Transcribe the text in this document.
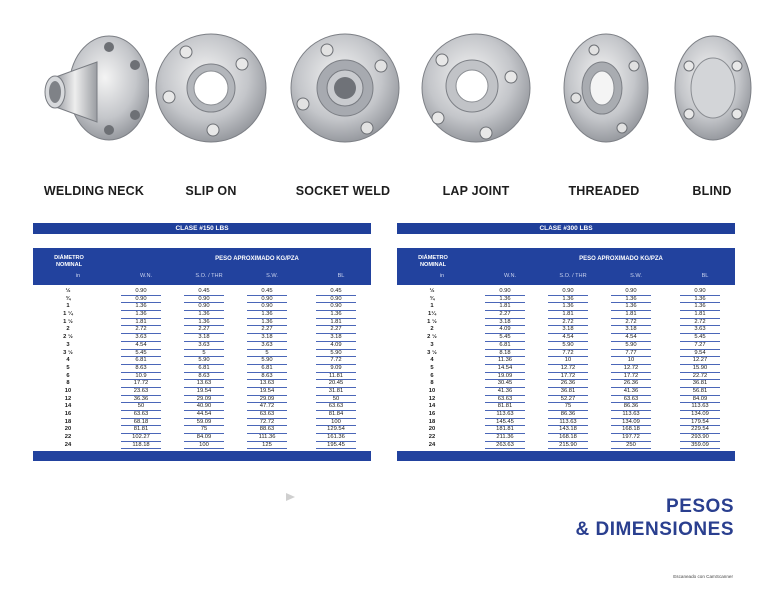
WELDING NECK	SLIP ON	SOCKET WELD	LAP JOINT	THREADED	BLIND
CLASE #150 LBS
DIÁMETRO
NOMINAL
PESO APROXIMADO KG/PZA
in	W.N.	S.O. / THR	S.W.	BL
½	0.90	0.45	0.45	0.45
¾	0.90	0.90	0.90	0.90
1	1.36	0.90	0.90	0.90
1 ¼	1.36	1.36	1.36	1.36
1 ½	1.81	1.36	1.36	1.81
2	2.72	2.27	2.27	2.27
2 ½	3.63	3.18	3.18	3.18
3	4.54	3.63	3.63	4.09
3 ½	5.45	5	5	5.90
4	6.81	5.90	5.90	7.72
5	8.63	6.81	6.81	9.09
6	10.9	8.63	8.63	11.81
8	17.72	13.63	13.63	20.45
10	23.63	19.54	19.54	31.81
12	36.36	29.09	29.09	50
14	50	40.90	47.72	63.63
16	63.63	44.54	63.63	81.84
18	68.18	59.09	72.72	100
20	81.81	75	88.63	129.54
22	102.27	84.09	111.36	161.36
24	118.18	100	125	195.45
CLASE #300 LBS
DIÁMETRO
NOMINAL
PESO APROXIMADO KG/PZA
in	W.N.	S.O. / THR	S.W.	BL
½	0.90	0.90	0.90	0.90
¾	1.36	1.36	1.36	1.36
1	1.81	1.36	1.36	1.36
1¼	2.27	1.81	1.81	1.81
1 ½	3.18	2.72	2.72	2.72
2	4.09	3.18	3.18	3.63
2 ½	5.45	4.54	4.54	5.45
3	6.81	5.90	5.90	7.27
3 ½	8.18	7.72	7.77	9.54
4	11.36	10	10	12.27
5	14.54	12.72	12.72	15.90
6	19.09	17.72	17.72	22.72
8	30.45	26.36	26.36	36.81
10	41.36	36.81	41.36	56.81
12	63.63	52.27	63.63	84.09
14	81.81	75	86.36	113.63
16	113.63	86.36	113.63	134.09
18	145.45	113.63	134.09	179.54
20	181.81	143.18	168.18	229.54
22	211.36	168.18	197.72	293.90
24	263.63	215.90	250	359.09
PESOS
& DIMENSIONES
Escaneado con CamScanner
